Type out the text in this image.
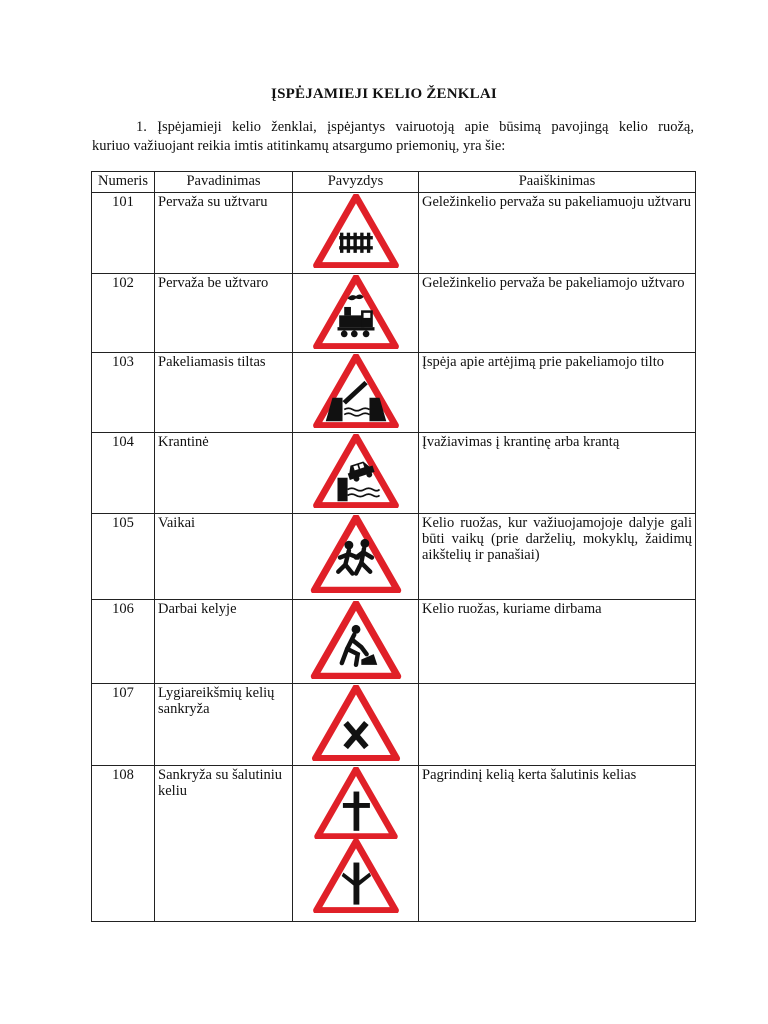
ĮSPĖJAMIEJI KELIO ŽENKLAI
1. Įspėjamieji kelio ženklai, įspėjantys vairuotoją apie būsimą pavojingą kelio ruožą,
kuriuo važiuojant reikia imtis atitinkamų atsargumo priemonių, yra šie:
Numeris	Pavadinimas	Pavyzdys	Paaiškinimas
101	Pervaža su užtvaru		Geležinkelio pervaža su pakeliamuoju užtvaru
102	Pervaža be užtvaro		Geležinkelio pervaža be pakeliamojo užtvaro
103	Pakeliamasis tiltas		Įspėja apie artėjimą prie pakeliamojo tilto
104	Krantinė		Įvažiavimas į krantinę arba krantą
105	Vaikai		Kelio ruožas, kur važiuojamojoje dalyje gali būti vaikų (prie darželių, mokyklų, žaidimų aikštelių ir panašiai)
106	Darbai kelyje		Kelio ruožas, kuriame dirbama
107	Lygiareikšmių kelių sankryža	

108	Sankryža su šalutiniu keliu		Pagrindinį kelią kerta šalutinis kelias
